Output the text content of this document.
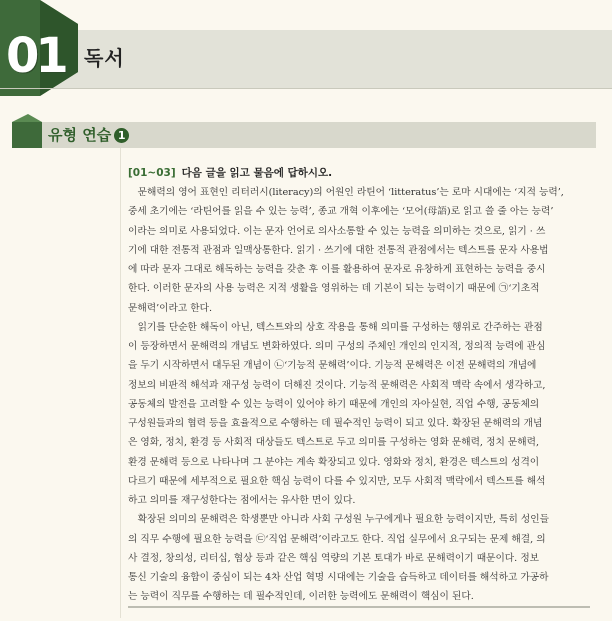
01 독서
유형 연습 1
[01~03] 다음 글을 읽고 물음에 답하시오.
　문해력의 영어 표현인 리터러시(literacy)의 어원인 라틴어 ‘litteratus’는 로마 시대에는 ‘지적 능력’,
중세 초기에는 ‘라틴어를 읽을 수 있는 능력’, 종교 개혁 이후에는 ‘모어(母語)로 읽고 쓸 줄 아는 능력’
이라는 의미로 사용되었다. 이는 문자 언어로 의사소통할 수 있는 능력을 의미하는 것으로, 읽기 · 쓰
기에 대한 전통적 관점과 일맥상통한다. 읽기 · 쓰기에 대한 전통적 관점에서는 텍스트를 문자 사용법
에 따라 문자 그대로 해독하는 능력을 갖춘 후 이를 활용하여 문자로 유창하게 표현하는 능력을 중시
한다. 이러한 문자의 사용 능력은 지적 생활을 영위하는 데 기본이 되는 능력이기 때문에 ㉠‘기초적
문해력’이라고 한다.
　읽기를 단순한 해독이 아닌, 텍스트와의 상호 작용을 통해 의미를 구성하는 행위로 간주하는 관점
이 등장하면서 문해력의 개념도 변화하였다. 의미 구성의 주체인 개인의 인지적, 정의적 능력에 관심
을 두기 시작하면서 대두된 개념이 ㉡‘기능적 문해력’이다. 기능적 문해력은 이전 문해력의 개념에
정보의 비판적 해석과 재구성 능력이 더해진 것이다. 기능적 문해력은 사회적 맥락 속에서 생각하고,
공동체의 발전을 고려할 수 있는 능력이 있어야 하기 때문에 개인의 자아실현, 직업 수행, 공동체의
구성원들과의 협력 등을 효율적으로 수행하는 데 필수적인 능력이 되고 있다. 확장된 문해력의 개념
은 영화, 정치, 환경 등 사회적 대상들도 텍스트로 두고 의미를 구성하는 영화 문해력, 정치 문해력,
환경 문해력 등으로 나타나며 그 분야는 계속 확장되고 있다. 영화와 정치, 환경은 텍스트의 성격이
다르기 때문에 세부적으로 필요한 핵심 능력이 다를 수 있지만, 모두 사회적 맥락에서 텍스트를 해석
하고 의미를 재구성한다는 점에서는 유사한 면이 있다.
　확장된 의미의 문해력은 학생뿐만 아니라 사회 구성원 누구에게나 필요한 능력이지만, 특히 성인들
의 직무 수행에 필요한 능력을 ㉢‘직업 문해력’이라고도 한다. 직업 실무에서 요구되는 문제 해결, 의
사 결정, 창의성, 리터십, 협상 등과 같은 핵심 역량의 기본 토대가 바로 문해력이기 때문이다. 정보
통신 기술의 융합이 중심이 되는 4차 산업 혁명 시대에는 기술을 습득하고 데이터를 해석하고 가공하
는 능력이 직무를 수행하는 데 필수적인데, 이러한 능력에도 문해력이 핵심이 된다.
